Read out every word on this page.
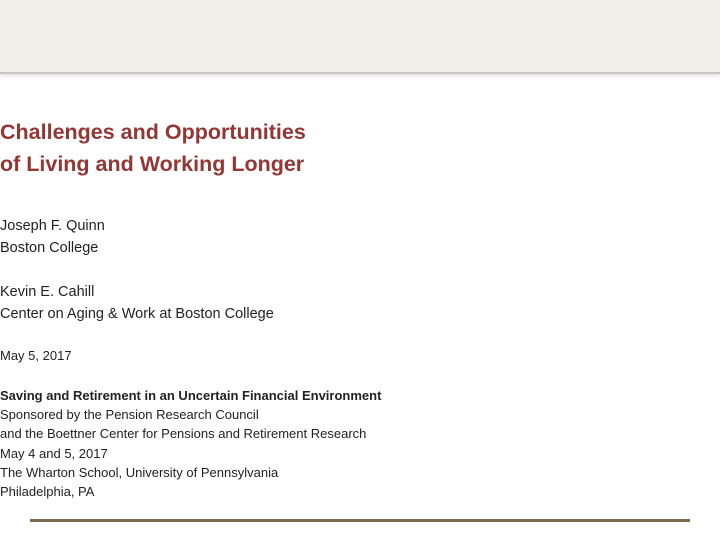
Challenges and Opportunities
of Living and Working Longer
Joseph F. Quinn
Boston College
Kevin E. Cahill
Center on Aging & Work at Boston College
May 5, 2017
Saving and Retirement in an Uncertain Financial Environment
Sponsored by the Pension Research Council
and the Boettner Center for Pensions and Retirement Research
May 4 and 5, 2017
The Wharton School, University of Pennsylvania
Philadelphia, PA
